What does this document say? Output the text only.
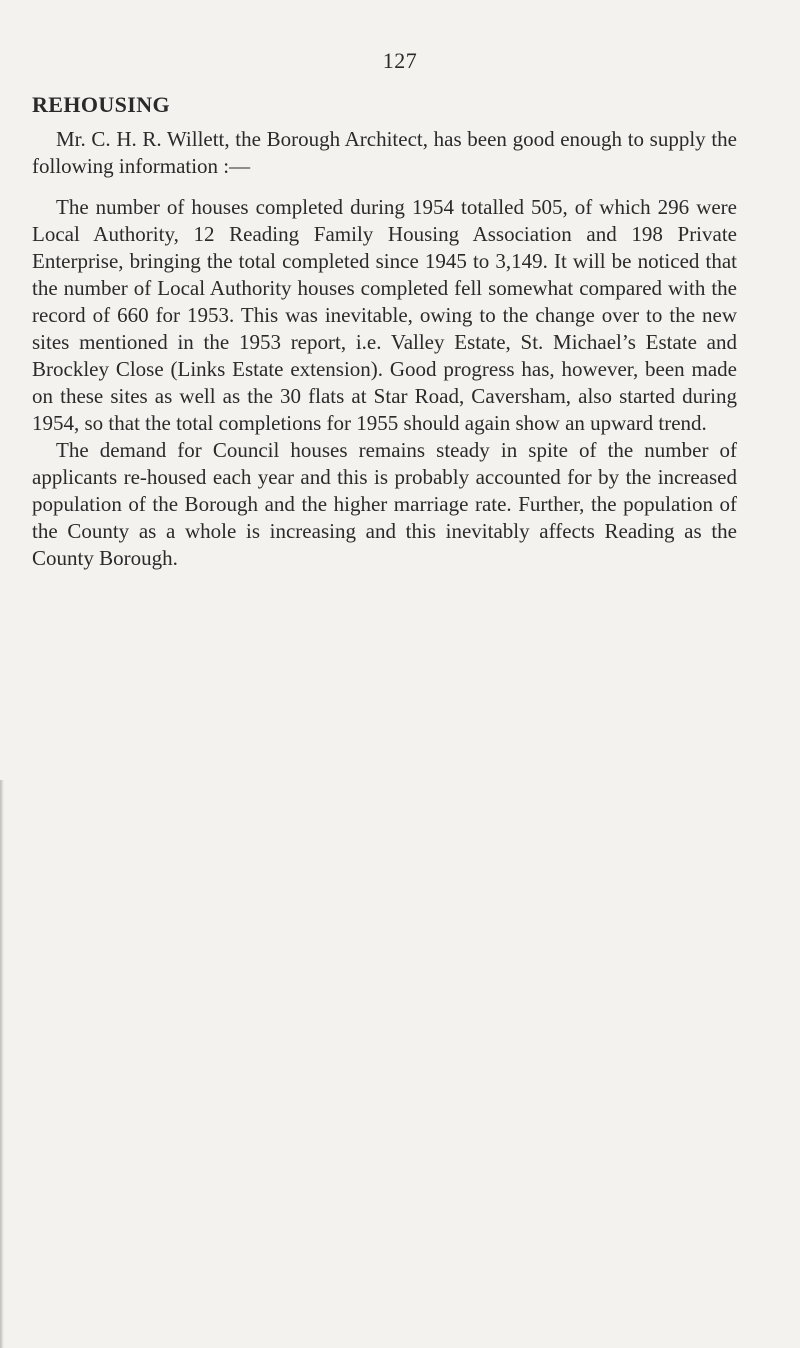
127
REHOUSING

Mr. C. H. R. Willett, the Borough Architect, has been good enough to supply the following information :—

The number of houses completed during 1954 totalled 505, of which 296 were Local Authority, 12 Reading Family Housing Association and 198 Private Enterprise, bringing the total completed since 1945 to 3,149. It will be noticed that the number of Local Authority houses completed fell somewhat compared with the record of 660 for 1953. This was inevitable, owing to the change over to the new sites mentioned in the 1953 report, i.e. Valley Estate, St. Michael’s Estate and Brockley Close (Links Estate extension). Good progress has, however, been made on these sites as well as the 30 flats at Star Road, Caversham, also started during 1954, so that the total completions for 1955 should again show an upward trend.

The demand for Council houses remains steady in spite of the number of applicants re-housed each year and this is probably accounted for by the increased population of the Borough and the higher marriage rate. Further, the population of the County as a whole is increasing and this inevitably affects Reading as the County Borough.
